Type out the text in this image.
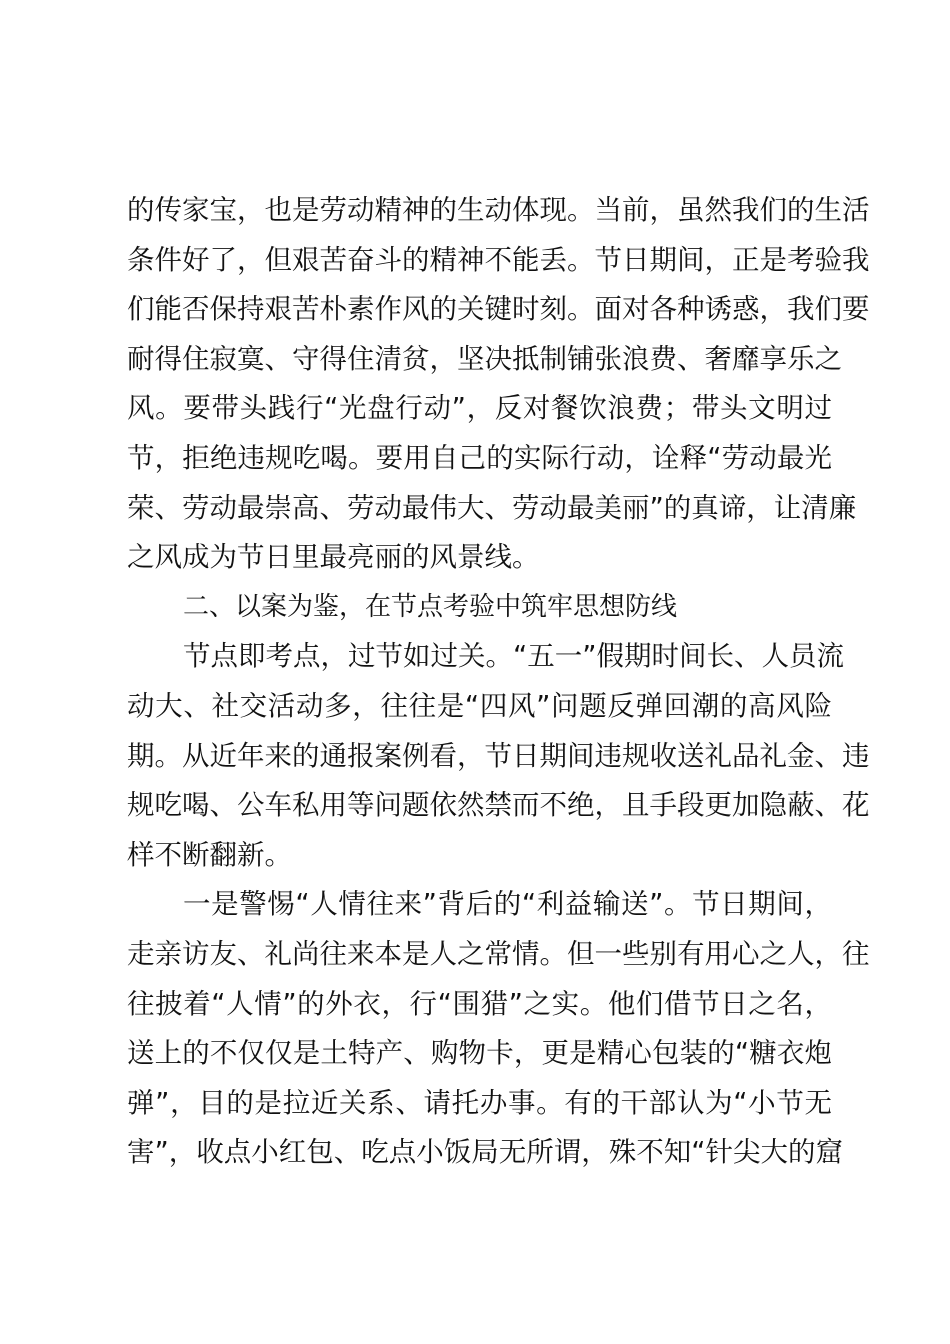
的传家宝，也是劳动精神的生动体现。当前，虽然我们的生活
条件好了，但艰苦奋斗的精神不能丢。节日期间，正是考验我
们能否保持艰苦朴素作风的关键时刻。面对各种诱惑，我们要
耐得住寂寞、守得住清贫，坚决抵制铺张浪费、奢靡享乐之
风。要带头践行“光盘行动”，反对餐饮浪费；带头文明过
节，拒绝违规吃喝。要用自己的实际行动，诠释“劳动最光
荣、劳动最崇高、劳动最伟大、劳动最美丽”的真谛，让清廉
之风成为节日里最亮丽的风景线。
二、以案为鉴，在节点考验中筑牢思想防线
节点即考点，过节如过关。“五一”假期时间长、人员流
动大、社交活动多，往往是“四风”问题反弹回潮的高风险
期。从近年来的通报案例看，节日期间违规收送礼品礼金、违
规吃喝、公车私用等问题依然禁而不绝，且手段更加隐蔽、花
样不断翻新。
一是警惕“人情往来”背后的“利益输送”。节日期间，
走亲访友、礼尚往来本是人之常情。但一些别有用心之人，往
往披着“人情”的外衣，行“围猎”之实。他们借节日之名，
送上的不仅仅是土特产、购物卡，更是精心包装的“糖衣炮
弹”，目的是拉近关系、请托办事。有的干部认为“小节无
害”，收点小红包、吃点小饭局无所谓，殊不知“针尖大的窟
